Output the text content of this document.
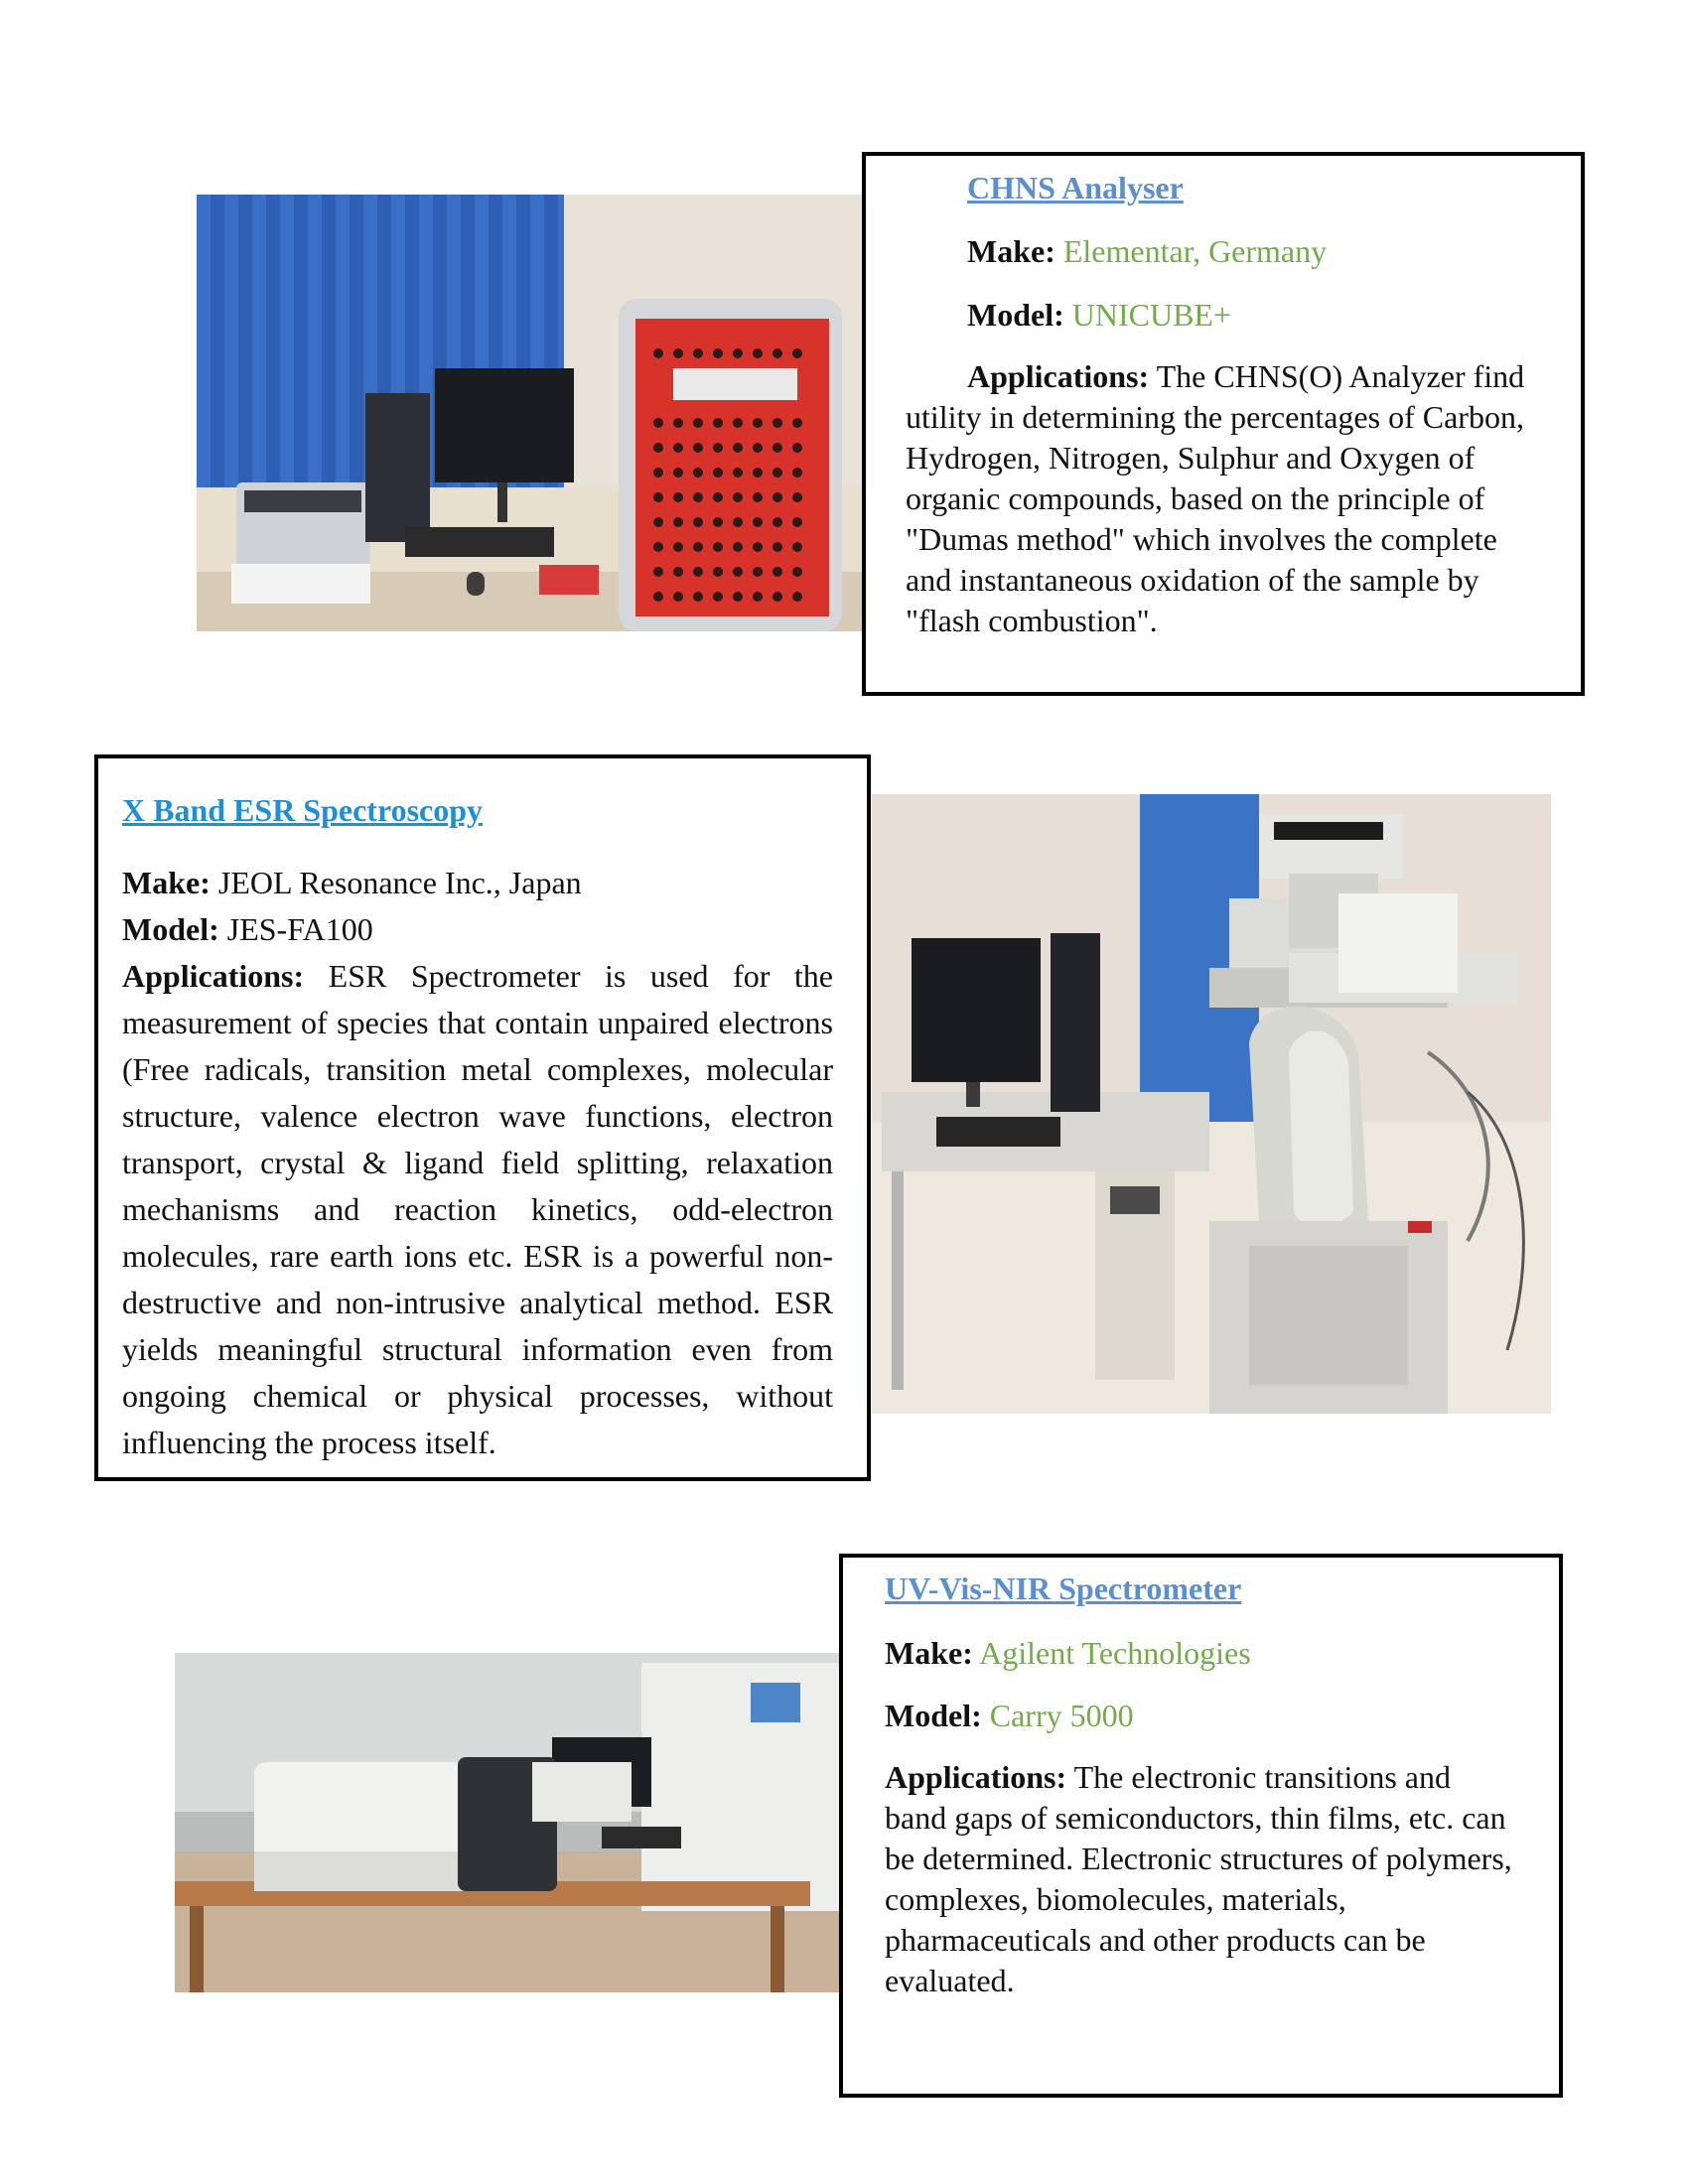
CHNS Analyser
Make: Elementar, Germany
Model: UNICUBE+
Applications: The CHNS(O) Analyzer find utility in determining the percentages of Carbon, Hydrogen, Nitrogen, Sulphur and Oxygen of organic compounds, based on the principle of "Dumas method" which involves the complete and instantaneous oxidation of the sample by "flash combustion".
X Band ESR Spectroscopy
Make: JEOL Resonance Inc., Japan
Model: JES-FA100
Applications: ESR Spectrometer is used for the measurement of species that contain unpaired electrons (Free radicals, transition metal complexes, molecular structure, valence electron wave functions, electron transport, crystal & ligand field splitting, relaxation mechanisms and reaction kinetics, odd-electron molecules, rare earth ions etc. ESR is a powerful non-destructive and non-intrusive analytical method. ESR yields meaningful structural information even from ongoing chemical or physical processes, without influencing the process itself.
UV-Vis-NIR Spectrometer
Make: Agilent Technologies
Model: Carry 5000
Applications: The electronic transitions and band gaps of semiconductors, thin films, etc. can be determined. Electronic structures of polymers, complexes, biomolecules, materials, pharmaceuticals and other products can be evaluated.
